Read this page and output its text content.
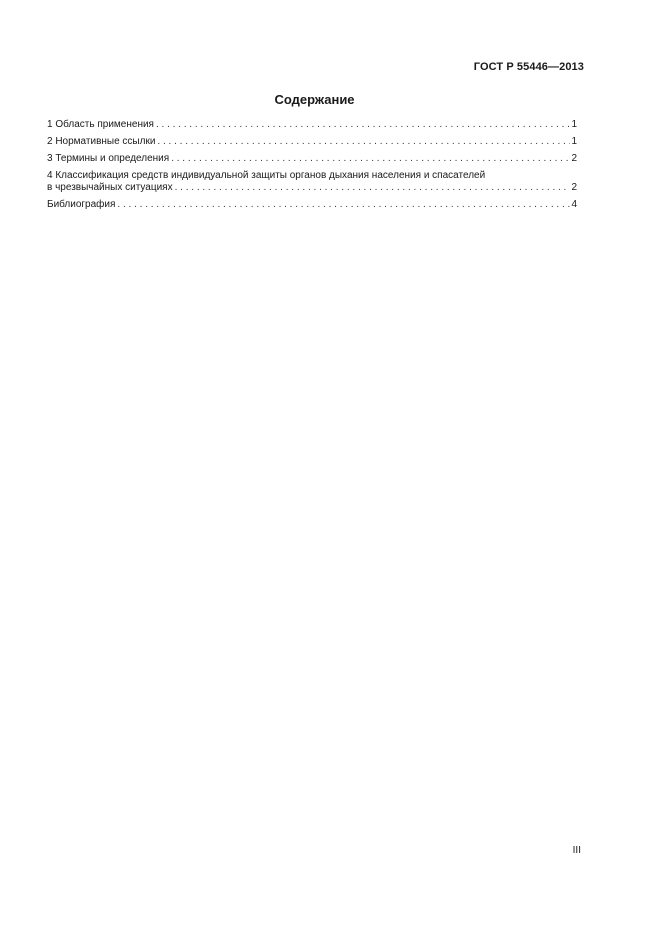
ГОСТ Р 55446—2013
Содержание
1 Область применения . . .	1
2 Нормативные ссылки . . .	1
3 Термины и определения . . .	2
4 Классификация средств индивидуальной защиты органов дыхания населения и спасателей
в чрезвычайных ситуациях . . .	2
Библиография . . .	4
III
